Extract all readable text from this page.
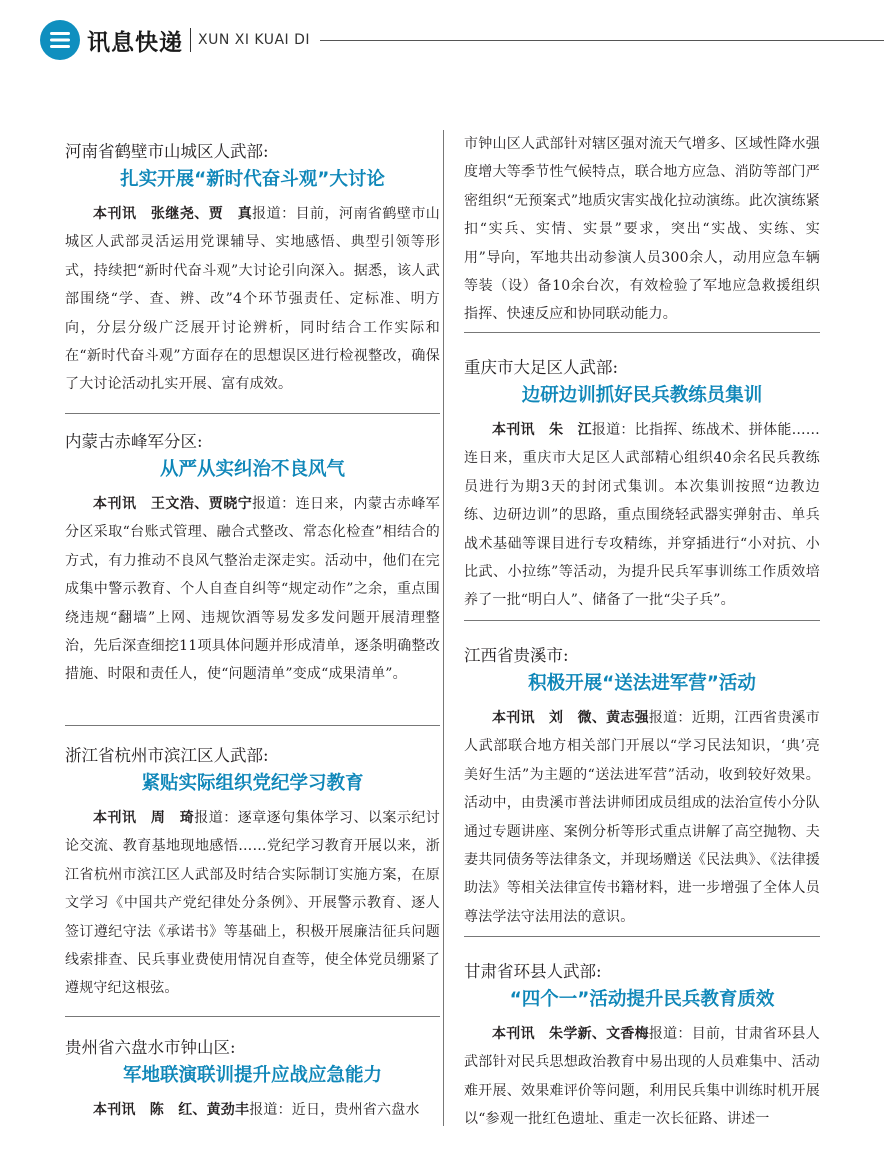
讯息快递 XUN XI KUAI DI
河南省鹤壁市山城区人武部:
扎实开展“新时代奋斗观”大讨论
本刊讯　张继尧、贾　真报道：目前，河南省鹤壁市山城区人武部灵活运用党课辅导、实地感悟、典型引领等形式，持续把“新时代奋斗观”大讨论引向深入。据悉，该人武部围绕“学、查、辨、改”4个环节强责任、定标准、明方向，分层分级广泛展开讨论辨析，同时结合工作实际和在“新时代奋斗观”方面存在的思想误区进行检视整改，确保了大讨论活动扎实开展、富有成效。
内蒙古赤峰军分区:
从严从实纠治不良风气
本刊讯　王文浩、贾晓宁报道：连日来，内蒙古赤峰军分区采取“台账式管理、融合式整改、常态化检查”相结合的方式，有力推动不良风气整治走深走实。活动中，他们在完成集中警示教育、个人自查自纠等“规定动作”之余，重点围绕违规“翻墙”上网、违规饮酒等易发多发问题开展清理整治，先后深查细挖11项具体问题并形成清单，逐条明确整改措施、时限和责任人，使“问题清单”变成“成果清单”。
浙江省杭州市滨江区人武部:
紧贴实际组织党纪学习教育
本刊讯　周　琦报道：逐章逐句集体学习、以案示纪讨论交流、教育基地现地感悟……党纪学习教育开展以来，浙江省杭州市滨江区人武部及时结合实际制订实施方案，在原文学习《中国共产党纪律处分条例》、开展警示教育、逐人签订遵纪守法《承诺书》等基础上，积极开展廉洁征兵问题线索排查、民兵事业费使用情况自查等，使全体党员绷紧了遵规守纪这根弦。
贵州省六盘水市钟山区:
军地联演联训提升应战应急能力
本刊讯　陈　红、黄劲丰报道：近日，贵州省六盘水
市钟山区人武部针对辖区强对流天气增多、区域性降水强度增大等季节性气候特点，联合地方应急、消防等部门严密组织“无预案式”地质灾害实战化拉动演练。此次演练紧扣“实兵、实情、实景”要求，突出“实战、实练、实用”导向，军地共出动参演人员300余人，动用应急车辆等装（设）备10余台次，有效检验了军地应急救援组织指挥、快速反应和协同联动能力。
重庆市大足区人武部:
边研边训抓好民兵教练员集训
本刊讯　朱　江报道：比指挥、练战术、拼体能……连日来，重庆市大足区人武部精心组织40余名民兵教练员进行为期3天的封闭式集训。本次集训按照“边教边练、边研边训”的思路，重点围绕轻武器实弹射击、单兵战术基础等课目进行专攻精练，并穿插进行“小对抗、小比武、小拉练”等活动，为提升民兵军事训练工作质效培养了一批“明白人”、储备了一批“尖子兵”。
江西省贵溪市:
积极开展“送法进军营”活动
本刊讯　刘　微、黄志强报道：近期，江西省贵溪市人武部联合地方相关部门开展以“学习民法知识，‘典’亮美好生活”为主题的“送法进军营”活动，收到较好效果。活动中，由贵溪市普法讲师团成员组成的法治宣传小分队通过专题讲座、案例分析等形式重点讲解了高空抛物、夫妻共同债务等法律条文，并现场赠送《民法典》、《法律援助法》等相关法律宣传书籍材料，进一步增强了全体人员尊法学法守法用法的意识。
甘肃省环县人武部:
“四个一”活动提升民兵教育质效
本刊讯　朱学新、文香梅报道：目前，甘肃省环县人武部针对民兵思想政治教育中易出现的人员难集中、活动难开展、效果难评价等问题，利用民兵集中训练时机开展以“参观一批红色遗址、重走一次长征路、讲述一
